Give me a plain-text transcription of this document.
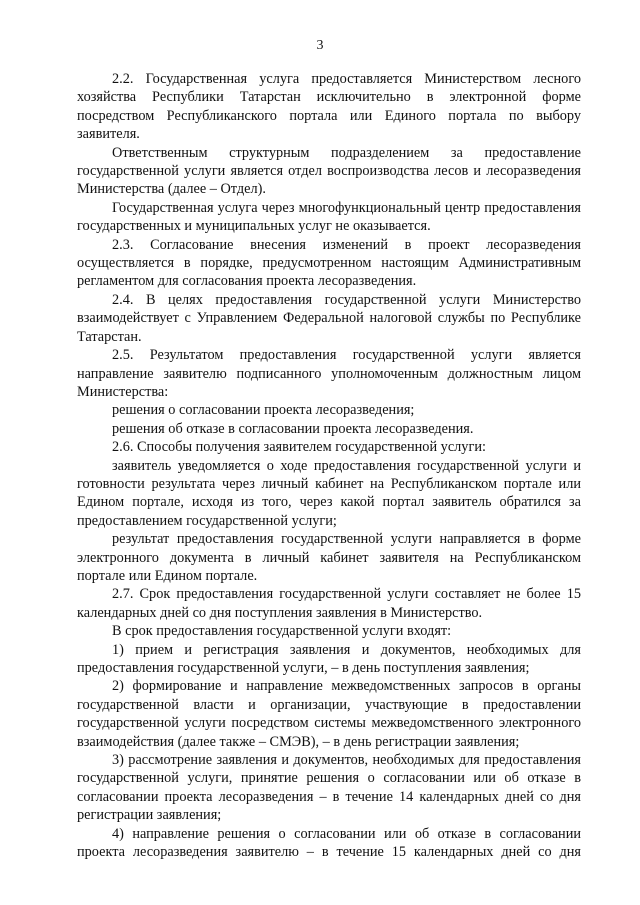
3

2.2. Государственная услуга предоставляется Министерством лесного хозяйства Республики Татарстан исключительно в электронной форме посредством Республиканского портала или Единого портала по выбору заявителя.

Ответственным структурным подразделением за предоставление государственной услуги является отдел воспроизводства лесов и лесоразведения Министерства (далее – Отдел).

Государственная услуга через многофункциональный центр предоставления государственных и муниципальных услуг не оказывается.

2.3. Согласование внесения изменений в проект лесоразведения осуществляется в порядке, предусмотренном настоящим Административным регламентом для согласования проекта лесоразведения.

2.4. В целях предоставления государственной услуги Министерство взаимодействует с Управлением Федеральной налоговой службы по Республике Татарстан.

2.5. Результатом предоставления государственной услуги является направление заявителю подписанного уполномоченным должностным лицом Министерства:

решения о согласовании проекта лесоразведения;

решения об отказе в согласовании проекта лесоразведения.

2.6. Способы получения заявителем государственной услуги:

заявитель уведомляется о ходе предоставления государственной услуги и готовности результата через личный кабинет на Республиканском портале или Едином портале, исходя из того, через какой портал заявитель обратился за предоставлением государственной услуги;

результат предоставления государственной услуги направляется в форме электронного документа в личный кабинет заявителя на Республиканском портале или Едином портале.

2.7. Срок предоставления государственной услуги составляет не более 15 календарных дней со дня поступления заявления в Министерство.

В срок предоставления государственной услуги входят:

1) прием и регистрация заявления и документов, необходимых для предоставления государственной услуги, – в день поступления заявления;

2) формирование и направление межведомственных запросов в органы государственной власти и организации, участвующие в предоставлении государственной услуги посредством системы межведомственного электронного взаимодействия (далее также – СМЭВ), – в день регистрации заявления;

3) рассмотрение заявления и документов, необходимых для предоставления государственной услуги, принятие решения о согласовании или об отказе в согласовании проекта лесоразведения – в течение 14 календарных дней со дня регистрации заявления;

4) направление решения о согласовании или об отказе в согласовании проекта лесоразведения заявителю – в течение 15 календарных дней со дня
